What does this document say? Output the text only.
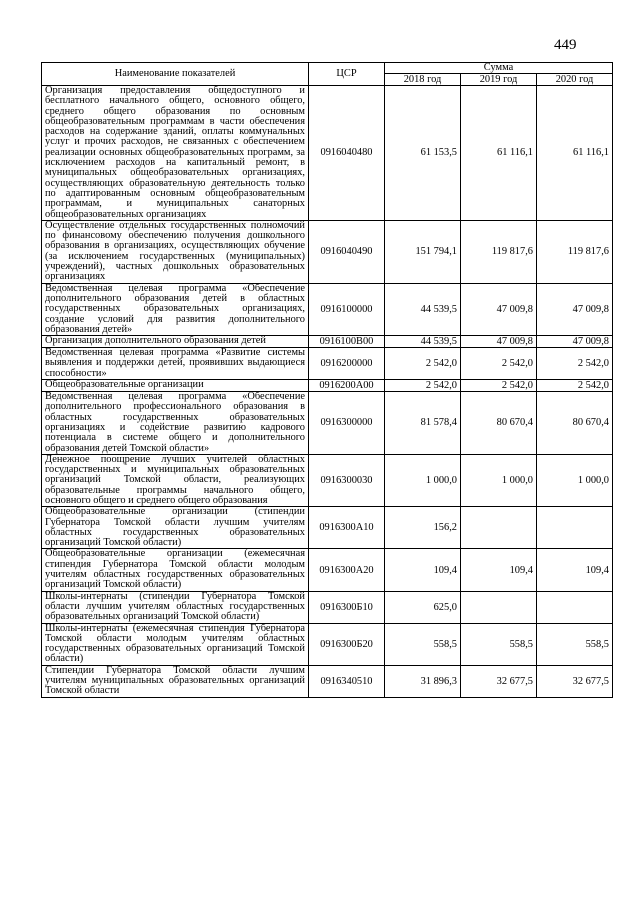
449
Наименование показателей	ЦСР	Сумма		
		2018 год	2019 год	2020 год
Организация предоставления общедоступного и бесплатного начального общего, основного общего, среднего общего образования по основным общеобразовательным программам в части обеспечения расходов на содержание зданий, оплаты коммунальных услуг и прочих расходов, не связанных с обеспечением реализации основных общеобразовательных программ, за исключением расходов на капитальный ремонт, в муниципальных общеобразовательных организациях, осуществляющих образовательную деятельность только по адаптированным основным общеобразовательным программам, и муниципальных санаторных общеобразовательных организациях	0916040480	61 153,5	61 116,1	61 116,1
Осуществление отдельных государственных полномочий по финансовому обеспечению получения дошкольного образования в организациях, осуществляющих обучение (за исключением государственных (муниципальных) учреждений), частных дошкольных образовательных организациях	0916040490	151 794,1	119 817,6	119 817,6
Ведомственная целевая программа «Обеспечение дополнительного образования детей в областных государственных образовательных организациях, создание условий для развития дополнительного образования детей»	0916100000	44 539,5	47 009,8	47 009,8
Организация дополнительного образования детей	0916100В00	44 539,5	47 009,8	47 009,8
Ведомственная целевая программа «Развитие системы выявления и поддержки детей, проявивших выдающиеся способности»	0916200000	2 542,0	2 542,0	2 542,0
Общеобразовательные организации	0916200А00	2 542,0	2 542,0	2 542,0
Ведомственная целевая программа «Обеспечение дополнительного профессионального образования в областных государственных образовательных организациях и содействие развитию кадрового потенциала в системе общего и дополнительного образования детей Томской области»	0916300000	81 578,4	80 670,4	80 670,4
Денежное поощрение лучших учителей областных государственных и муниципальных образовательных организаций Томской области, реализующих образовательные программы начального общего, основного общего и среднего общего образования	0916300030	1 000,0	1 000,0	1 000,0
Общеобразовательные организации (стипендии Губернатора Томской области лучшим учителям областных государственных образовательных организаций Томской области)	0916300А10	156,2		
Общеобразовательные организации (ежемесячная стипендия Губернатора Томской области молодым учителям областных государственных образовательных организаций Томской области)	0916300А20	109,4	109,4	109,4
Школы-интернаты (стипендии Губернатора Томской области лучшим учителям областных государственных образовательных организаций Томской области)	0916300Б10	625,0		
Школы-интернаты (ежемесячная стипендия Губернатора Томской области молодым учителям областных государственных образовательных организаций Томской области)	0916300Б20	558,5	558,5	558,5
Стипендии Губернатора Томской области лучшим учителям муниципальных образовательных организаций Томской области	0916340510	31 896,3	32 677,5	32 677,5
